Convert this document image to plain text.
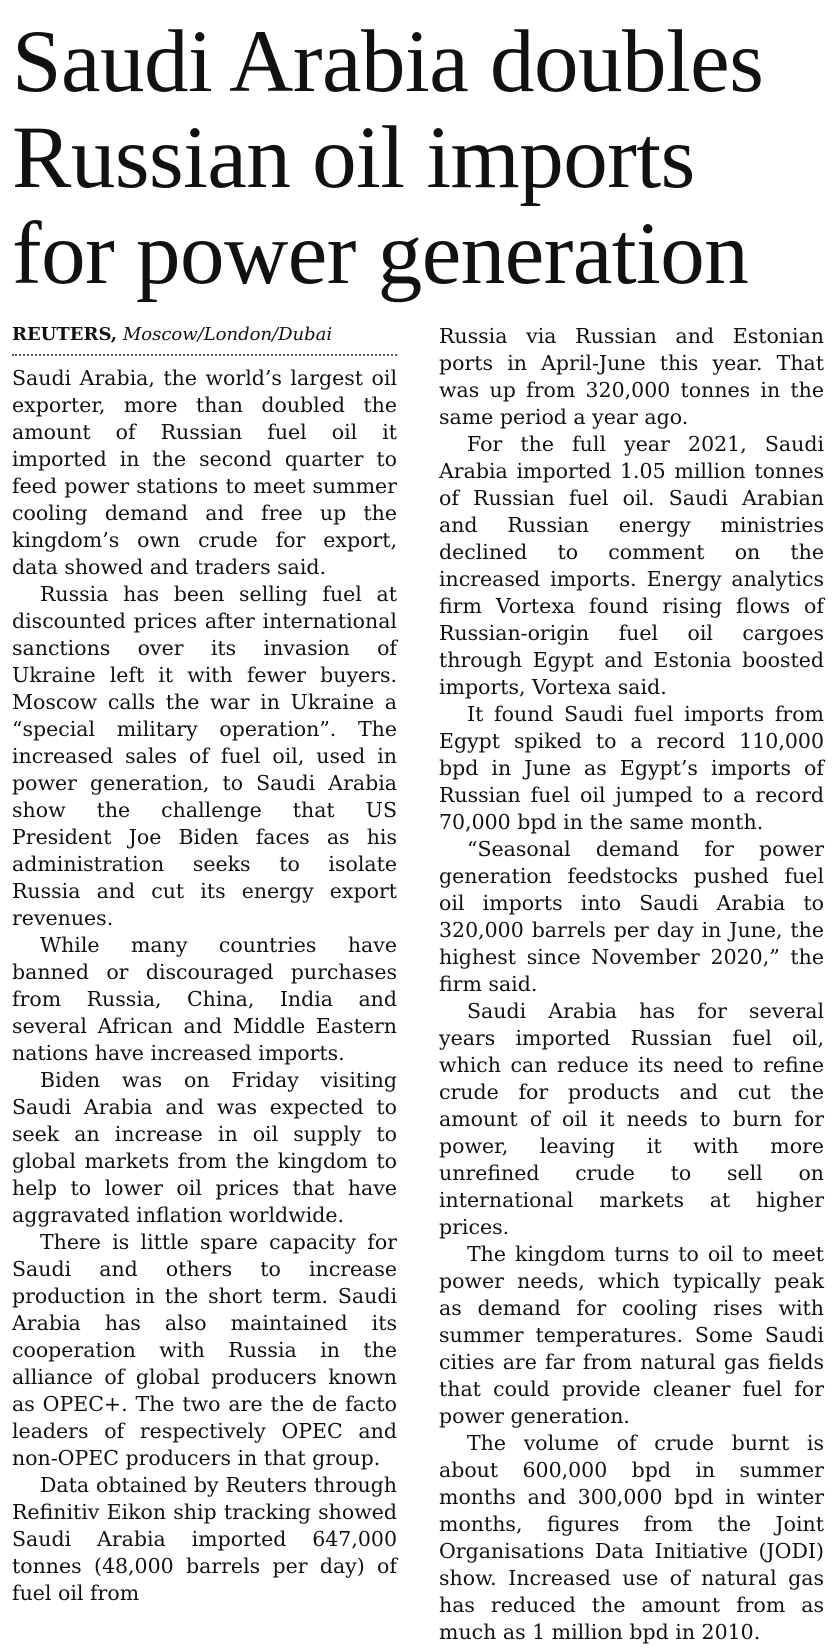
Saudi Arabia doubles
Russian oil imports
for power generation
REUTERS, Moscow/London/Dubai

Saudi Arabia, the world’s largest oil exporter, more than doubled the amount of Russian fuel oil it imported in the second quarter to feed power stations to meet summer cooling demand and free up the kingdom’s own crude for export, data showed and traders said.

Russia has been selling fuel at discounted prices after international sanctions over its invasion of Ukraine left it with fewer buyers. Moscow calls the war in Ukraine a “special military operation”. The increased sales of fuel oil, used in power generation, to Saudi Arabia show the challenge that US President Joe Biden faces as his administration seeks to isolate Russia and cut its energy export revenues.

While many countries have banned or discouraged purchases from Russia, China, India and several African and Middle Eastern nations have increased imports.

Biden was on Friday visiting Saudi Arabia and was expected to seek an increase in oil supply to global markets from the kingdom to help to lower oil prices that have aggravated inflation worldwide.

There is little spare capacity for Saudi and others to increase production in the short term. Saudi Arabia has also maintained its cooperation with Russia in the alliance of global producers known as OPEC+. The two are the de facto leaders of respectively OPEC and non-OPEC producers in that group.

Data obtained by Reuters through Refinitiv Eikon ship tracking showed Saudi Arabia imported 647,000 tonnes (48,000 barrels per day) of fuel oil from

Russia via Russian and Estonian ports in April-June this year. That was up from 320,000 tonnes in the same period a year ago.

For the full year 2021, Saudi Arabia imported 1.05 million tonnes of Russian fuel oil. Saudi Arabian and Russian energy ministries declined to comment on the increased imports. Energy analytics firm Vortexa found rising flows of Russian-origin fuel oil cargoes through Egypt and Estonia boosted imports, Vortexa said.

It found Saudi fuel imports from Egypt spiked to a record 110,000 bpd in June as Egypt’s imports of Russian fuel oil jumped to a record 70,000 bpd in the same month.

“Seasonal demand for power generation feedstocks pushed fuel oil imports into Saudi Arabia to 320,000 barrels per day in June, the highest since November 2020,” the firm said.

Saudi Arabia has for several years imported Russian fuel oil, which can reduce its need to refine crude for products and cut the amount of oil it needs to burn for power, leaving it with more unrefined crude to sell on international markets at higher prices.

The kingdom turns to oil to meet power needs, which typically peak as demand for cooling rises with summer temperatures. Some Saudi cities are far from natural gas fields that could provide cleaner fuel for power generation.

The volume of crude burnt is about 600,000 bpd in summer months and 300,000 bpd in winter months, figures from the Joint Organisations Data Initiative (JODI) show. Increased use of natural gas has reduced the amount from as much as 1 million bpd in 2010.
